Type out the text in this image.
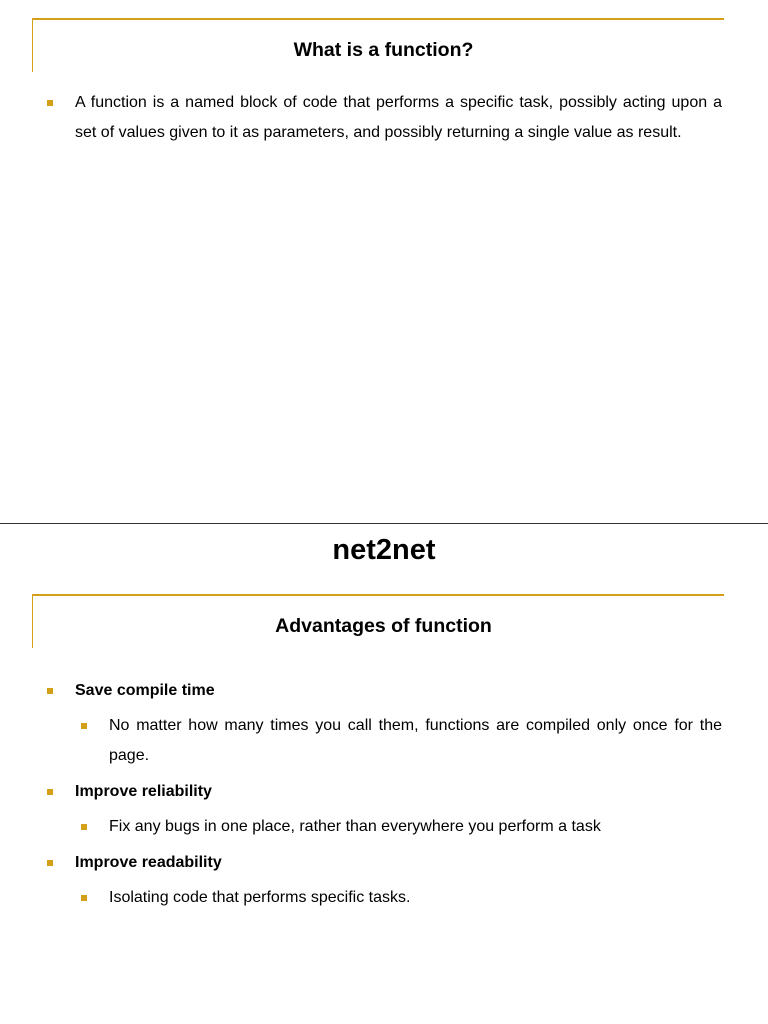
What is a function?
A function is a named block of code that performs a specific task, possibly acting upon a set of values given to it as parameters, and possibly returning a single value as result.
net2net
Advantages of function
Save compile time
No matter how many times you call them, functions are compiled only once for the page.
Improve reliability
Fix any bugs in one place, rather than everywhere you perform a task
Improve readability
Isolating code that performs specific tasks.
